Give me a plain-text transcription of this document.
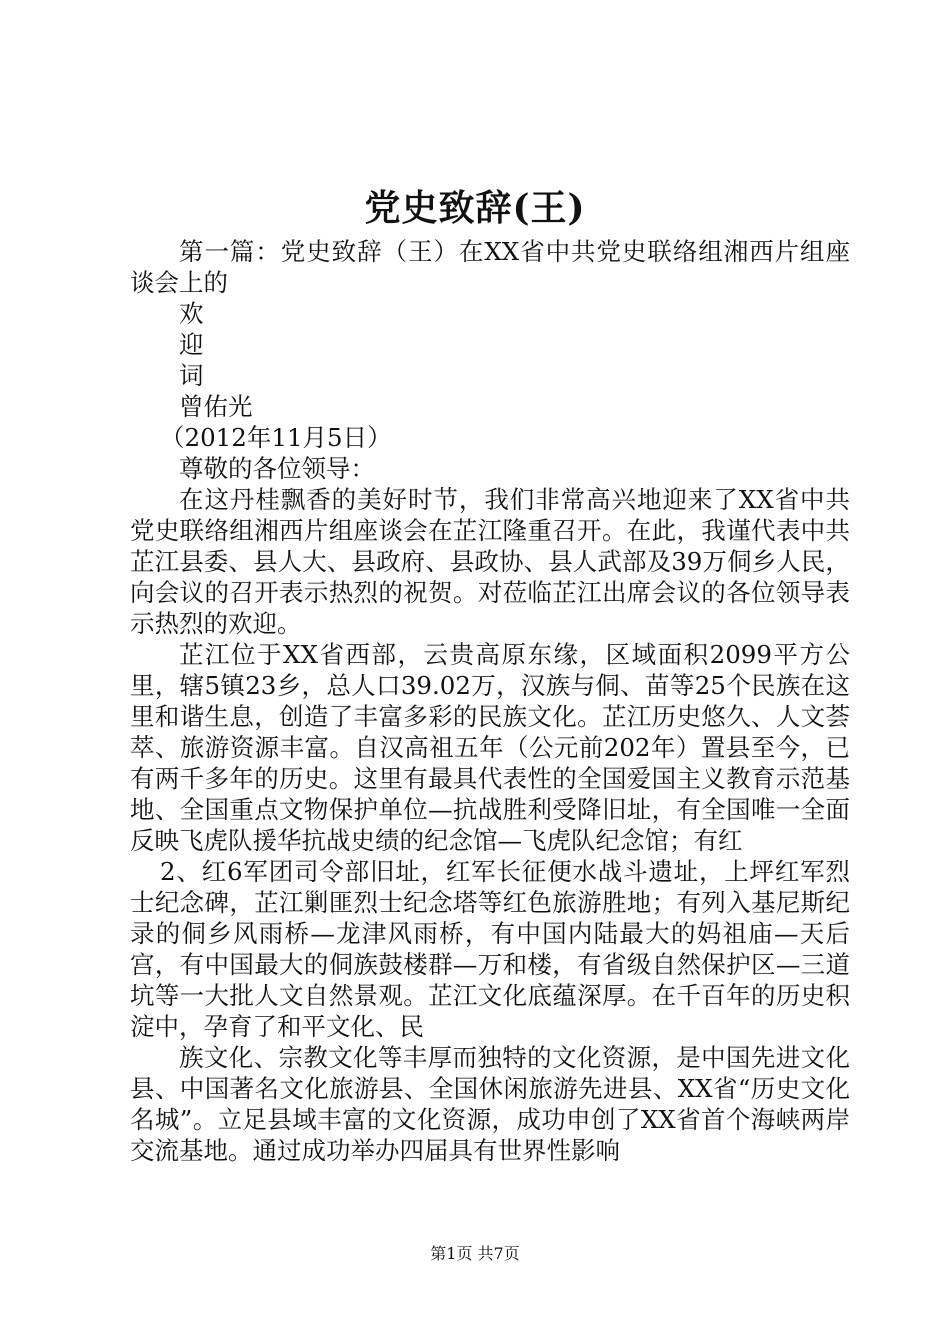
党史致辞(王)

第一篇：党史致辞（王）在XX省中共党史联络组湘西片组座谈会上的

欢

迎

词

曾佑光

（2012年11月5日）

尊敬的各位领导：

在这丹桂飘香的美好时节，我们非常高兴地迎来了XX省中共党史联络组湘西片组座谈会在芷江隆重召开。在此，我谨代表中共芷江县委、县人大、县政府、县政协、县人武部及39万侗乡人民，向会议的召开表示热烈的祝贺。对莅临芷江出席会议的各位领导表示热烈的欢迎。

芷江位于XX省西部，云贵高原东缘，区域面积2099平方公里，辖5镇23乡，总人口39.02万，汉族与侗、苗等25个民族在这里和谐生息，创造了丰富多彩的民族文化。芷江历史悠久、人文荟萃、旅游资源丰富。自汉高祖五年（公元前202年）置县至今，已有两千多年的历史。这里有最具代表性的全国爱国主义教育示范基地、全国重点文物保护单位—抗战胜利受降旧址，有全国唯一全面反映飞虎队援华抗战史绩的纪念馆—飞虎队纪念馆；有红

2、红6军团司令部旧址，红军长征便水战斗遗址，上坪红军烈士纪念碑，芷江剿匪烈士纪念塔等红色旅游胜地；有列入基尼斯纪录的侗乡风雨桥—龙津风雨桥，有中国内陆最大的妈祖庙—天后宫，有中国最大的侗族鼓楼群—万和楼，有省级自然保护区—三道坑等一大批人文自然景观。芷江文化底蕴深厚。在千百年的历史积淀中，孕育了和平文化、民

族文化、宗教文化等丰厚而独特的文化资源，是中国先进文化县、中国著名文化旅游县、全国休闲旅游先进县、XX省“历史文化名城”。立足县域丰富的文化资源，成功申创了XX省首个海峡两岸交流基地。通过成功举办四届具有世界性影响

第1页 共7页
